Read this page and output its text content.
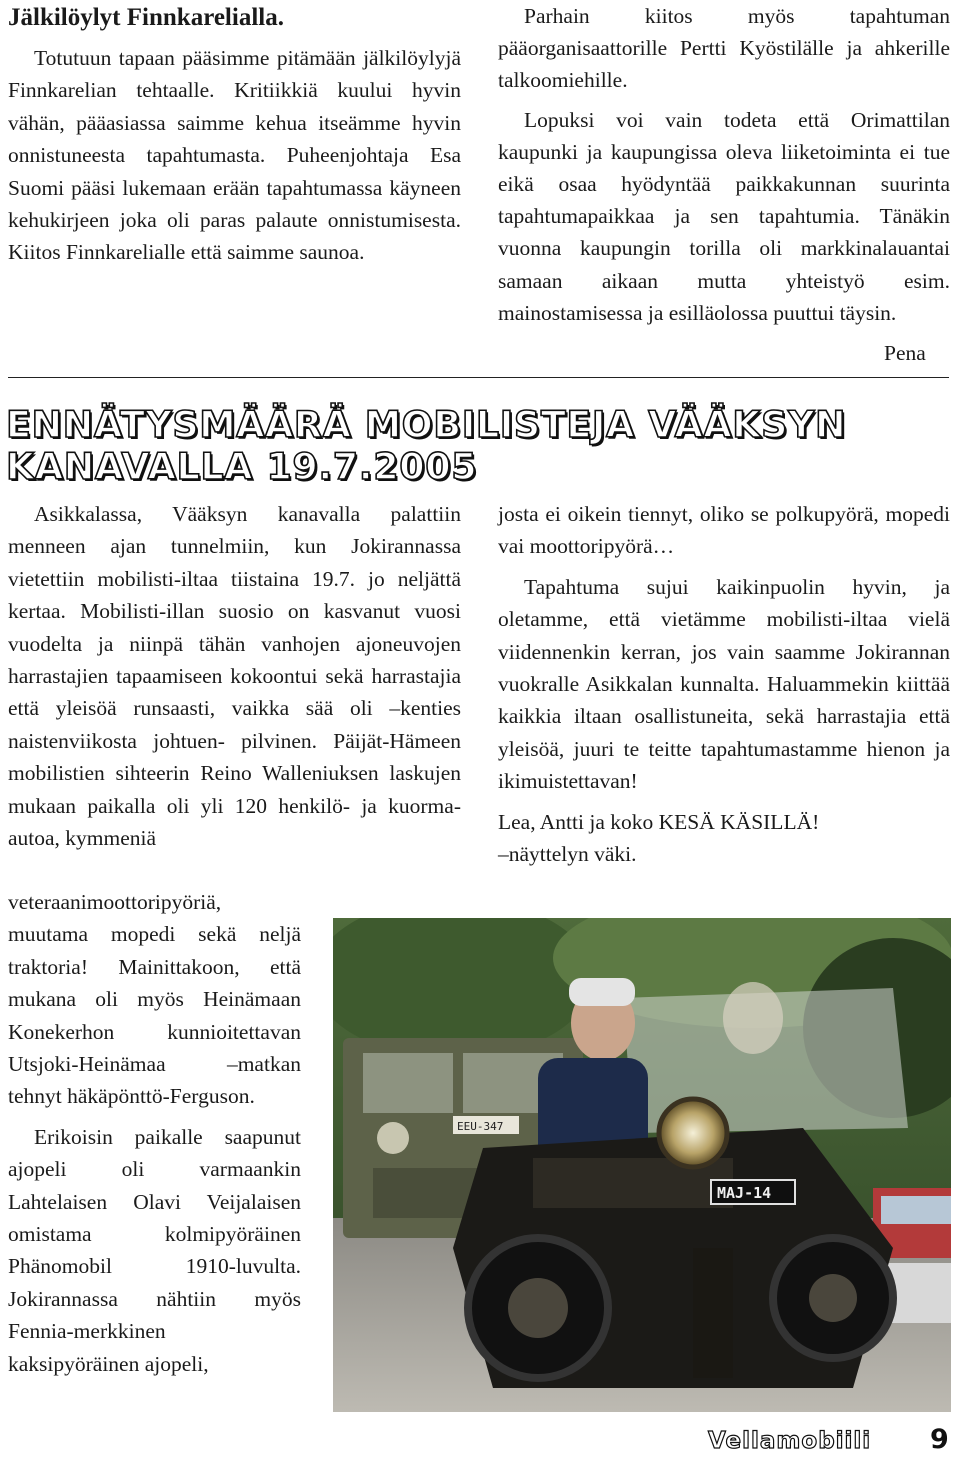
Jälkilöylyt Finnkarelialla.

Totutuun tapaan pääsimme pitämään jälkilöylyjä Finnkarelian tehtaalle. Kritiikkiä kuului hyvin vähän, pääasiassa saimme kehua itseämme hyvin onnistuneesta tapahtumasta. Puheenjohtaja Esa Suomi pääsi lukemaan erään tapahtumassa käyneen kehukirjeen joka oli paras palaute onnistumisesta. Kiitos Finnkarelialle että saimme saunoa.

Parhain kiitos myös tapahtuman pääorganisaattorille Pertti Kyöstilälle ja ahkerille talkoomiehille.

Lopuksi voi vain todeta että Orimattilan kaupunki ja kaupungissa oleva liiketoiminta ei tue eikä osaa hyödyntää paikkakunnan suurinta tapahtumapaikkaa ja sen tapahtumia. Tänäkin vuonna kaupungin torilla oli markkinalauantai samaan aikaan mutta yhteistyö esim. mainostamisessa ja esilläolossa puuttui täysin.

Pena
ENNÄTYSMÄÄRÄ MOBILISTEJA VÄÄKSYN
KANAVALLA 19.7.2005

Asikkalassa, Vääksyn kanavalla palattiin menneen ajan tunnelmiin, kun Jokirannassa vietettiin mobilisti-iltaa tiistaina 19.7. jo neljättä kertaa. Mobilisti-illan suosio on kasvanut vuosi vuodelta ja niinpä tähän vanhojen ajoneuvojen harrastajien tapaamiseen kokoontui sekä harrastajia että yleisöä runsaasti, vaikka sää oli –kenties naistenviikosta johtuen- pilvinen. Päijät-Hämeen mobilistien sihteerin Reino Walleniuksen laskujen mukaan paikalla oli yli 120 henkilö- ja kuorma- autoa, kymmeniä

veteraanimoottoripyöriä, muutama mopedi sekä neljä traktoria! Mainittakoon, että mukana oli myös Heinämaan Konekerhon kunnioitettavan Utsjoki-Heinämaa –matkan tehnyt häkäpönttö-Ferguson.

Erikoisin paikalle saapunut ajopeli oli varmaankin Lahtelaisen Olavi Veijalaisen omistama kolmipyöräinen Phänomobil 1910-luvulta. Jokirannassa nähtiin myös Fennia-merkkinen kaksipyöräinen ajopeli,

josta ei oikein tiennyt, oliko se polkupyörä, mopedi vai moottoripyörä…

Tapahtuma sujui kaikinpuolin hyvin, ja oletamme, että vietämme mobilisti-iltaa vielä viidennenkin kerran, jos vain saamme Jokirannan vuokralle Asikkalan kunnalta. Haluammekin kiittää kaikkia iltaan osallistuneita, sekä harrastajia että yleisöä, juuri te teitte tapahtumastamme hienon ja ikimuistettavan!

Lea, Antti ja koko KESÄ KÄSILLÄ!

–näyttelyn väki.

EEU-347
MAJ-14
Vellamobiili 9
